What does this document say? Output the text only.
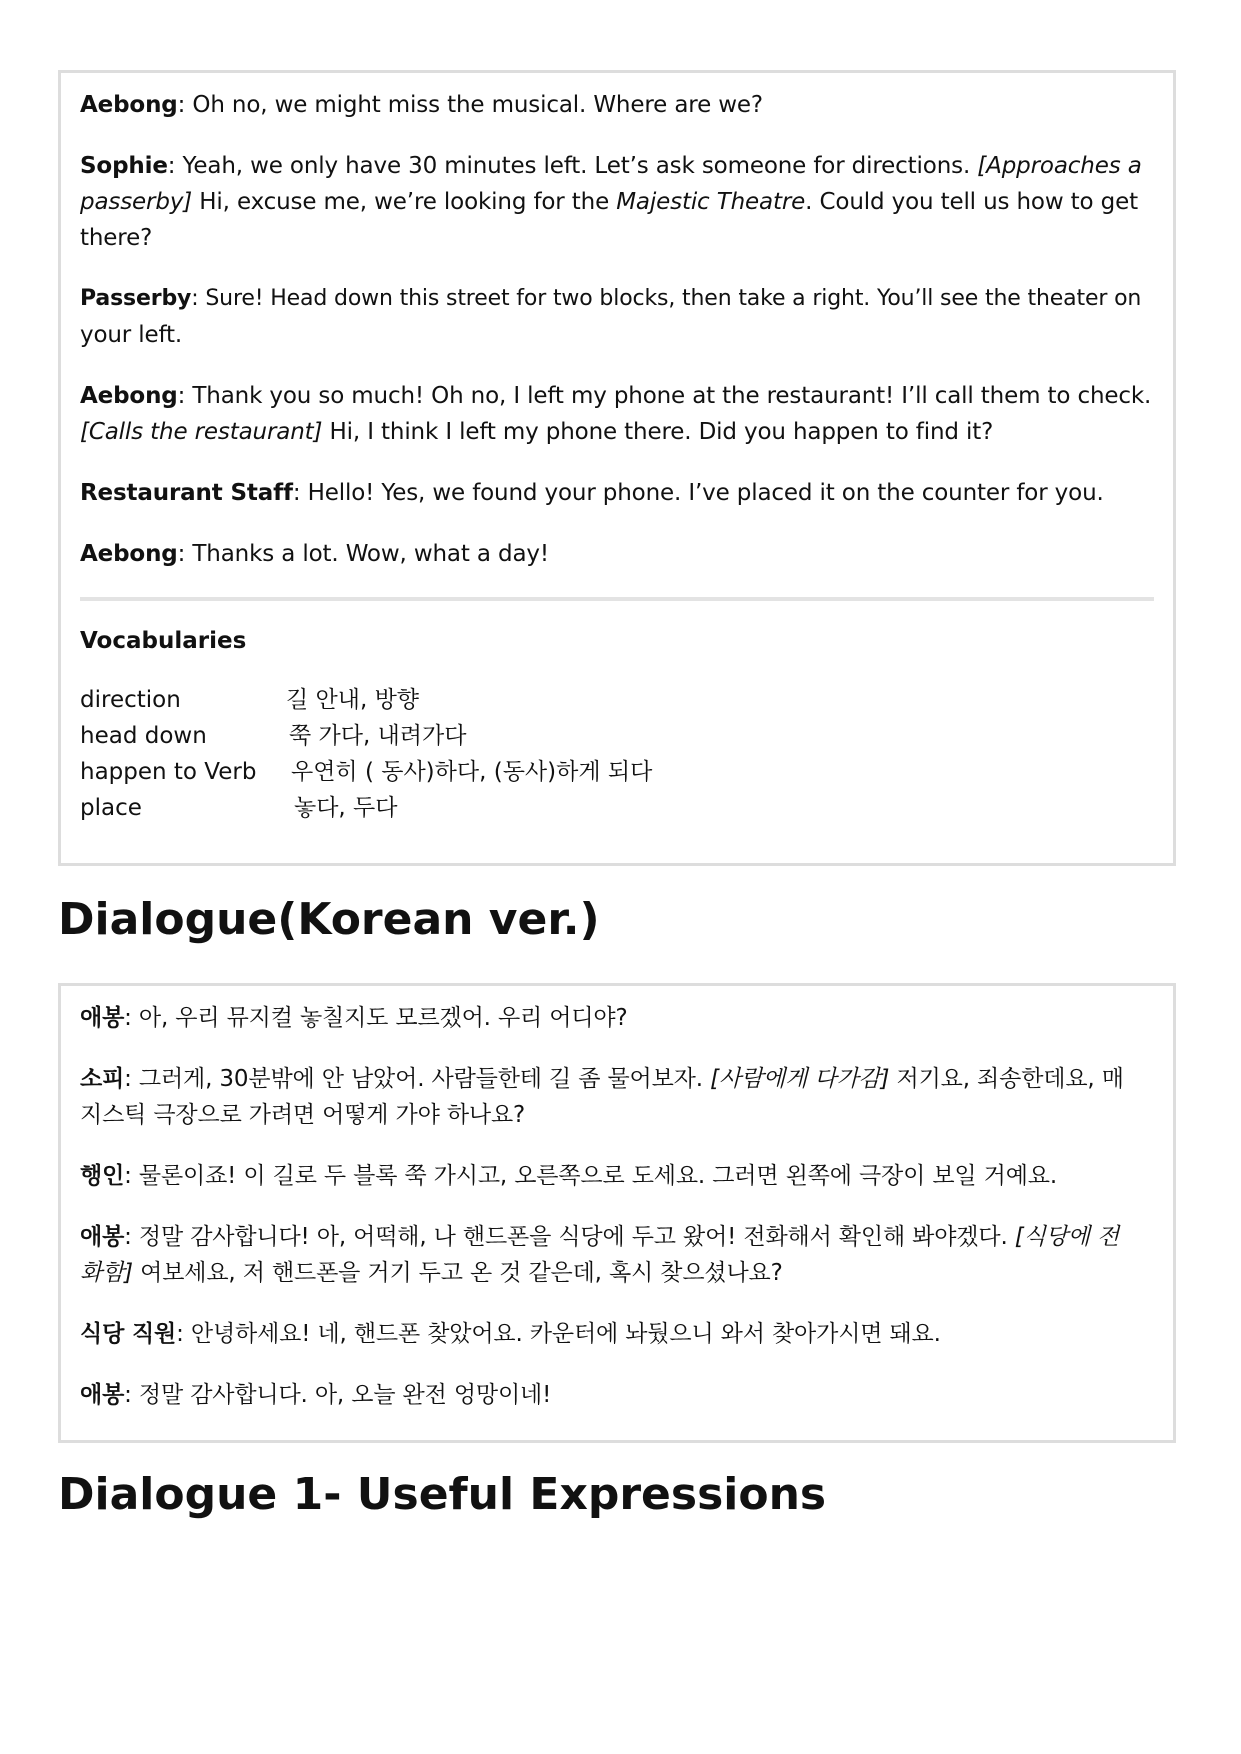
Aebong: Oh no, we might miss the musical. Where are we?
Sophie: Yeah, we only have 30 minutes left. Let’s ask someone for directions. [Approaches a
passerby] Hi, excuse me, we’re looking for the Majestic Theatre. Could you tell us how to get
there?
Passerby: Sure! Head down this street for two blocks, then take a right. You’ll see the theater on
your left.
Aebong: Thank you so much! Oh no, I left my phone at the restaurant! I’ll call them to check.
[Calls the restaurant] Hi, I think I left my phone there. Did you happen to find it?
Restaurant Staff: Hello! Yes, we found your phone. I’ve placed it on the counter for you.
Aebong: Thanks a lot. Wow, what a day!
Vocabularies
direction	길 안내, 방향
head down	쭉 가다, 내려가다
happen to Verb 우연히 ( 동사)하다, (동사)하게 되다
place	놓다, 두다
Dialogue(Korean ver.)
애봉: 아, 우리 뮤지컬 놓칠지도 모르겠어. 우리 어디야?
소피: 그러게, 30분밖에 안 남았어. 사람들한테 길 좀 물어보자. [사람에게 다가감] 저기요, 죄송한데요, 매
지스틱 극장으로 가려면 어떻게 가야 하나요?
행인: 물론이죠! 이 길로 두 블록 쭉 가시고, 오른쪽으로 도세요. 그러면 왼쪽에 극장이 보일 거예요.
애봉: 정말 감사합니다! 아, 어떡해, 나 핸드폰을 식당에 두고 왔어! 전화해서 확인해 봐야겠다. [식당에 전
화함] 여보세요, 저 핸드폰을 거기 두고 온 것 같은데, 혹시 찾으셨나요?
식당 직원: 안녕하세요! 네, 핸드폰 찾았어요. 카운터에 놔뒀으니 와서 찾아가시면 돼요.
애봉: 정말 감사합니다. 아, 오늘 완전 엉망이네!
Dialogue 1- Useful Expressions
